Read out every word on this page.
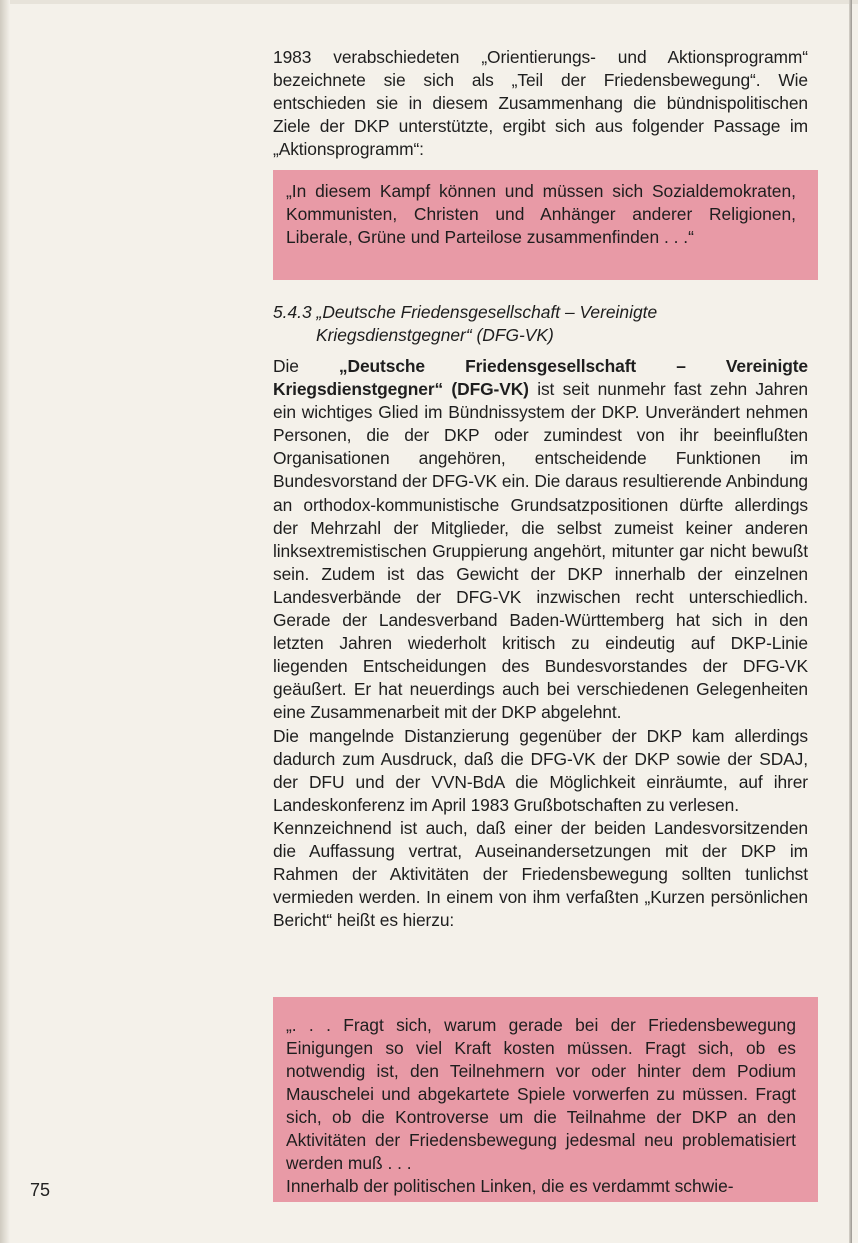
1983 verabschiedeten „Orientierungs- und Aktionsprogramm“ bezeichnete sie sich als „Teil der Friedensbewegung“. Wie entschieden sie in diesem Zusammenhang die bündnispolitischen Ziele der DKP unterstützte, ergibt sich aus folgender Passage im „Aktionsprogramm“:

„In diesem Kampf können und müssen sich Sozialdemokraten, Kommunisten, Christen und Anhänger anderer Religionen, Liberale, Grüne und Parteilose zusammenfinden . . .“
5.4.3 „Deutsche Friedensgesellschaft – Vereinigte
Kriegsdienstgegner“ (DFG-VK)

Die „Deutsche Friedensgesellschaft – Vereinigte Kriegsdienstgegner“ (DFG-VK) ist seit nunmehr fast zehn Jahren ein wichtiges Glied im Bündnissystem der DKP. Unverändert nehmen Personen, die der DKP oder zumindest von ihr beeinflußten Organisationen angehören, entscheidende Funktionen im Bundesvorstand der DFG-VK ein. Die daraus resultierende Anbindung an orthodox-kommunistische Grundsatzpositionen dürfte allerdings der Mehrzahl der Mitglieder, die selbst zumeist keiner anderen linksextremistischen Gruppierung angehört, mitunter gar nicht bewußt sein. Zudem ist das Gewicht der DKP innerhalb der einzelnen Landesverbände der DFG-VK inzwischen recht unterschiedlich. Gerade der Landesverband Baden-Württemberg hat sich in den letzten Jahren wiederholt kritisch zu eindeutig auf DKP-Linie liegenden Entscheidungen des Bundesvorstandes der DFG-VK geäußert. Er hat neuerdings auch bei verschiedenen Gelegenheiten eine Zusammenarbeit mit der DKP abgelehnt.

Die mangelnde Distanzierung gegenüber der DKP kam allerdings dadurch zum Ausdruck, daß die DFG-VK der DKP sowie der SDAJ, der DFU und der VVN-BdA die Möglichkeit einräumte, auf ihrer Landeskonferenz im April 1983 Grußbotschaften zu verlesen.

Kennzeichnend ist auch, daß einer der beiden Landesvorsitzenden die Auffassung vertrat, Auseinandersetzungen mit der DKP im Rahmen der Aktivitäten der Friedensbewegung sollten tunlichst vermieden werden. In einem von ihm verfaßten „Kurzen persönlichen Bericht“ heißt es hierzu:

„. . . Fragt sich, warum gerade bei der Friedensbewegung Einigungen so viel Kraft kosten müssen. Fragt sich, ob es notwendig ist, den Teilnehmern vor oder hinter dem Podium Mauschelei und abgekartete Spiele vorwerfen zu müssen. Fragt sich, ob die Kontroverse um die Teilnahme der DKP an den Aktivitäten der Friedensbewegung jedesmal neu problematisiert werden muß . . .
Innerhalb der politischen Linken, die es verdammt schwie-
75
